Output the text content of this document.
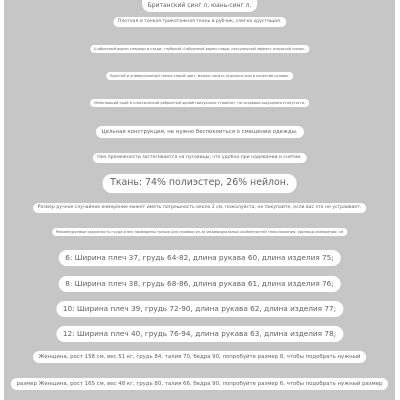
Британский синг л, юань-синг л.
Плотная и тонкая трикотажная ткань в рубчик, слегка хрустящая.
U-образный вырез спереди и сзади, глубокий U-образный вырез сзади, сексуальный эффект открытой спины.
Простой и универсальный темно-серый цвет, можно носить отдельно или в качестве основы.
Облегающий крой и классический ребристый дизайн визуально стройнят, не создавая ощущения стянутости.
Цельная конструкция, не нужно беспокоиться о смещении одежды.
Низ промежности застегивается на пуговицы, что удобно при надевании и снятии.
Ткань: 74% полиэстер, 26% нейлон.
Размер ручное случайное измерение может иметь погрешность около 2 см, пожалуйста, не покупайте, если вас это не устраивает.
Рекомендуемые окружность груди и вес приведены только для справки из-за индивидуальных особенностей телосложения, единицы измерения: см
6: Ширина плеч 37, грудь 64-82, длина рукава 60, длина изделия 75;
8: Ширина плеч 38, грудь 68-86, длина рукава 61, длина изделия 76;
10: Ширина плеч 39, грудь 72-90, длина рукава 62, длина изделия 77;
12: Ширина плеч 40, грудь 76-94, длина рукава 63, длина изделия 78;
Женщина, рост 158 см, вес 51 кг, грудь 84, талия 70, бедра 90, попробуйте размер 8, чтобы подобрать нужный
размер Женщина, рост 165 см, вес 48 кг, грудь 80, талия 66, бедра 90, попробуйте размер 6, чтобы подобрать нужный размер
